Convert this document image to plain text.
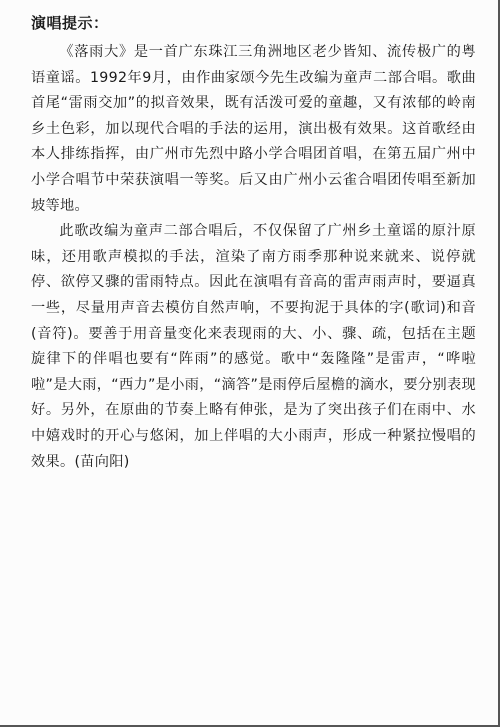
演唱提示：

《落雨大》是一首广东珠江三角洲地区老少皆知、流传极广的粤语童谣。1992年9月，由作曲家颂今先生改编为童声二部合唱。歌曲首尾“雷雨交加”的拟音效果，既有活泼可爱的童趣，又有浓郁的岭南乡土色彩，加以现代合唱的手法的运用，演出极有效果。这首歌经由本人排练指挥，由广州市先烈中路小学合唱团首唱，在第五届广州中小学合唱节中荣获演唱一等奖。后又由广州小云雀合唱团传唱至新加坡等地。

此歌改编为童声二部合唱后，不仅保留了广州乡土童谣的原汁原味，还用歌声模拟的手法，渲染了南方雨季那种说来就来、说停就停、欲停又骤的雷雨特点。因此在演唱有音高的雷声雨声时，要逼真一些，尽量用声音去模仿自然声响，不要拘泥于具体的字(歌词)和音(音符)。要善于用音量变化来表现雨的大、小、骤、疏，包括在主题旋律下的伴唱也要有“阵雨”的感觉。歌中“轰隆隆”是雷声，“哗啦啦”是大雨，“西力”是小雨，“滴答”是雨停后屋檐的滴水，要分别表现好。另外，在原曲的节奏上略有伸张，是为了突出孩子们在雨中、水中嬉戏时的开心与悠闲，加上伴唱的大小雨声，形成一种紧拉慢唱的效果。(苗向阳)
